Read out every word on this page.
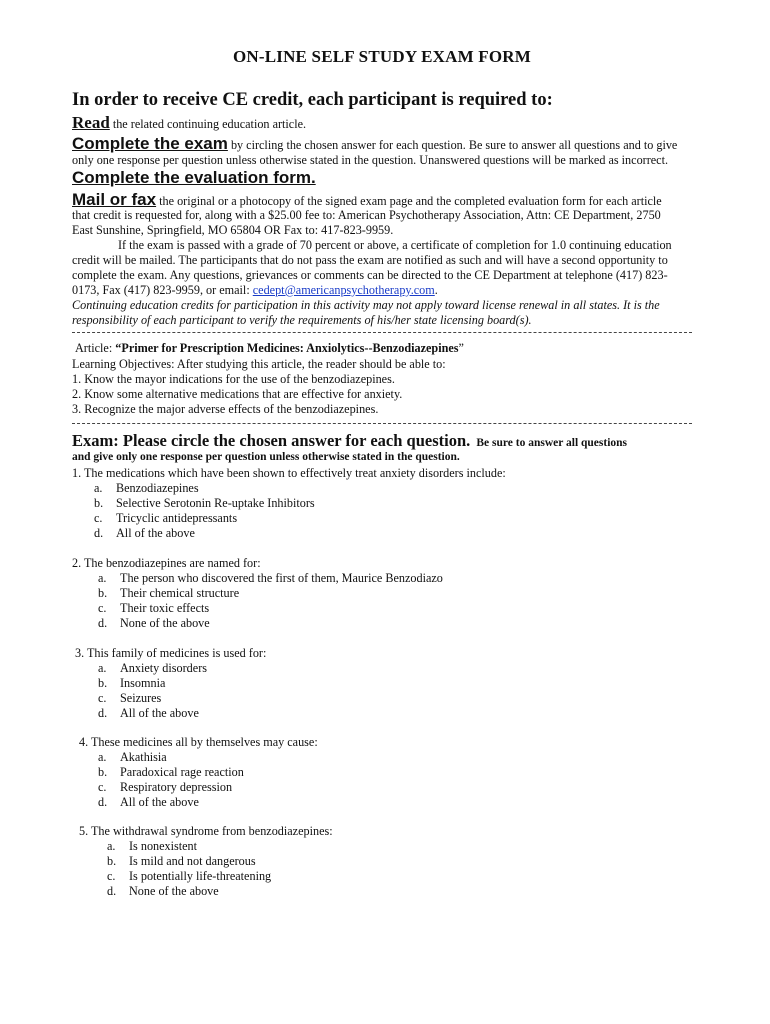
ON-LINE SELF STUDY EXAM FORM
In order to receive CE credit, each participant is required to:
Read the related continuing education article.
Complete the exam by circling the chosen answer for each question. Be sure to answer all questions and to give
only one response per question unless otherwise stated in the question. Unanswered questions will be marked as incorrect.
Complete the evaluation form.
Mail or fax the original or a photocopy of the signed exam page and the completed evaluation form for each article
that credit is requested for, along with a $25.00 fee to: American Psychotherapy Association, Attn: CE Department, 2750
East Sunshine, Springfield, MO 65804 OR Fax to: 417-823-9959.
If the exam is passed with a grade of 70 percent or above, a certificate of completion for 1.0 continuing education
credit will be mailed. The participants that do not pass the exam are notified as such and will have a second opportunity to
complete the exam. Any questions, grievances or comments can be directed to the CE Department at telephone (417) 823-
0173, Fax (417) 823-9959, or email: cedept@americanpsychotherapy.com.
Continuing education credits for participation in this activity may not apply toward license renewal in all states. It is the
responsibility of each participant to verify the requirements of his/her state licensing board(s).
Article: “Primer for Prescription Medicines: Anxiolytics--Benzodiazepines”
Learning Objectives: After studying this article, the reader should be able to:
1. Know the mayor indications for the use of the benzodiazepines.
2. Know some alternative medications that are effective for anxiety.
3. Recognize the major adverse effects of the benzodiazepines.
Exam: Please circle the chosen answer for each question. Be sure to answer all questions
and give only one response per question unless otherwise stated in the question.
1. The medications which have been shown to effectively treat anxiety disorders include:
a. Benzodiazepines
b. Selective Serotonin Re-uptake Inhibitors
c. Tricyclic antidepressants
d. All of the above
2. The benzodiazepines are named for:
a. The person who discovered the first of them, Maurice Benzodiazo
b. Their chemical structure
c. Their toxic effects
d. None of the above
3. This family of medicines is used for:
a. Anxiety disorders
b. Insomnia
c. Seizures
d. All of the above
4. These medicines all by themselves may cause:
a. Akathisia
b. Paradoxical rage reaction
c. Respiratory depression
d. All of the above
5. The withdrawal syndrome from benzodiazepines:
a. Is nonexistent
b. Is mild and not dangerous
c. Is potentially life-threatening
d. None of the above
